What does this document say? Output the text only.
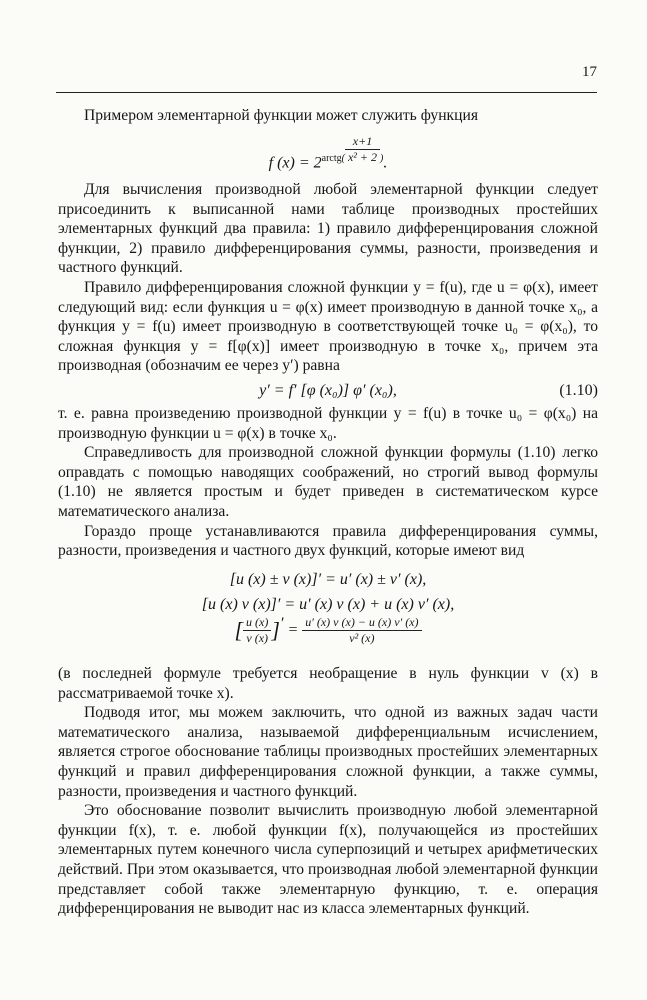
17

Примером элементарной функции может служить функция

f $(x) = 2^{arctg(} \frac{x+1}{\text{x² + 2}} ^)$.

Для вычисления производной любой элементарной функции следует присоединить к выписанной нами таблице производных простейших элементарных функций два правила: 1) правило дифференцирования сложной функции, 2) правило дифференцирования суммы, разности, произведения и частного функций.

Правило дифференцирования сложной функции y = f(u), где u = φ(x), имеет следующий вид: если функция u = φ(x) имеет производную в данной точке x₀, а функция y = f(u) имеет производную в соответствующей точке u₀ = φ(x₀), то сложная функция y = f[φ(x)] имеет производную в точке x₀, причем эта производная (обозначим ее через y′) равна

y′ = f′ [φ (x₀)] φ′ (x₀),	(1.10)

т. е. равна произведению производной функции y = f(u) в точке u₀ = φ(x₀) на производную функции u = φ(x) в точке x₀.

Справедливость для производной сложной функции формулы (1.10) легко оправдать с помощью наводящих соображений, но строгий вывод формулы (1.10) не является простым и будет приведен в систематическом курсе математического анализа.

Гораздо проще устанавливаются правила дифференцирования суммы, разности, произведения и частного двух функций, которые имеют вид

[u (x) ± v (x)]′ = u′ (x) ± v′ (x),
[u (x) v (x)]′ = u′ (x) v (x) + u (x) v′ (x),
[ $\frac{u (x)}{v (x)}$ ]′ = $\frac{u' (x) v (x) - u (x) v' (x)}{\text{v² (x)}}$

(в последней формуле требуется необращение в нуль функции v (x) в рассматриваемой точке x).

Подводя итог, мы можем заключить, что одной из важных задач части математического анализа, называемой дифференциальным исчислением, является строгое обоснование таблицы производных простейших элементарных функций и правил дифференцирования сложной функции, а также суммы, разности, произведения и частного функций.

Это обоснование позволит вычислить производную любой элементарной функции f(x), т. е. любой функции f(x), получающейся из простейших элементарных путем конечного числа суперпозиций и четырех арифметических действий. При этом оказывается, что производная любой элементарной функции представляет собой также элементарную функцию, т. е. операция дифференцирования не выводит нас из класса элементарных функций.
